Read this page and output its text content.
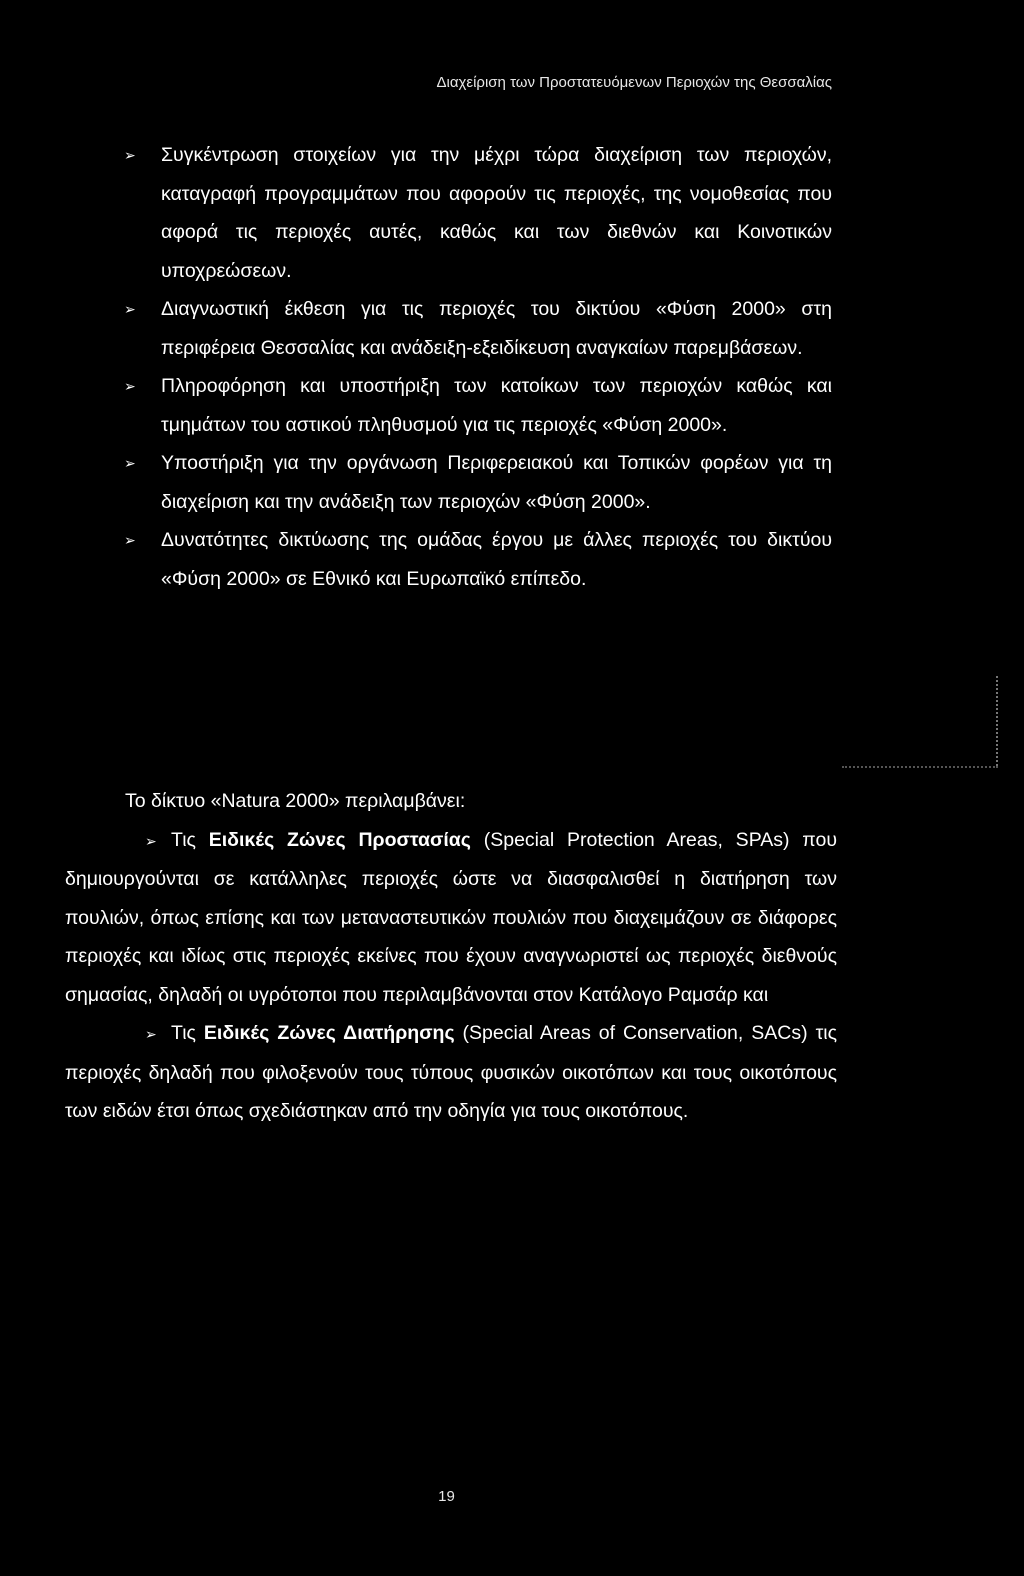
Διαχείριση των Προστατευόμενων Περιοχών της Θεσσαλίας

➢ Συγκέντρωση στοιχείων για την μέχρι τώρα διαχείριση των περιοχών, καταγραφή προγραμμάτων που αφορούν τις περιοχές, της νομοθεσίας που αφορά τις περιοχές αυτές, καθώς και των διεθνών και Κοινοτικών υποχρεώσεων.

➢ Διαγνωστική έκθεση για τις περιοχές του δικτύου «Φύση 2000» στη περιφέρεια Θεσσαλίας και ανάδειξη-εξειδίκευση αναγκαίων παρεμβάσεων.

➢ Πληροφόρηση και υποστήριξη των κατοίκων των περιοχών καθώς και τμημάτων του αστικού πληθυσμού για τις περιοχές «Φύση 2000».

➢ Υποστήριξη για την οργάνωση Περιφερειακού και Τοπικών φορέων για τη διαχείριση και την ανάδειξη των περιοχών «Φύση 2000».

➢ Δυνατότητες δικτύωσης της ομάδας έργου με άλλες περιοχές του δικτύου «Φύση 2000» σε Εθνικό και Ευρωπαϊκό επίπεδο.

Το δίκτυο «Natura 2000» περιλαμβάνει:

➢ Τις Ειδικές Ζώνες Προστασίας (Special Protection Areas, SPAs) που δημιουργούνται σε κατάλληλες περιοχές ώστε να διασφαλισθεί η διατήρηση των πουλιών, όπως επίσης και των μεταναστευτικών πουλιών που διαχειμάζουν σε διάφορες περιοχές και ιδίως στις περιοχές εκείνες που έχουν αναγνωριστεί ως περιοχές διεθνούς σημασίας, δηλαδή οι υγρότοποι που περιλαμβάνονται στον Κατάλογο Ραμσάρ και

➢ Τις Ειδικές Ζώνες Διατήρησης (Special Areas of Conservation, SACs) τις περιοχές δηλαδή που φιλοξενούν τους τύπους φυσικών οικοτόπων και τους οικοτόπους των ειδών έτσι όπως σχεδιάστηκαν από την οδηγία για τους οικοτόπους.

19
